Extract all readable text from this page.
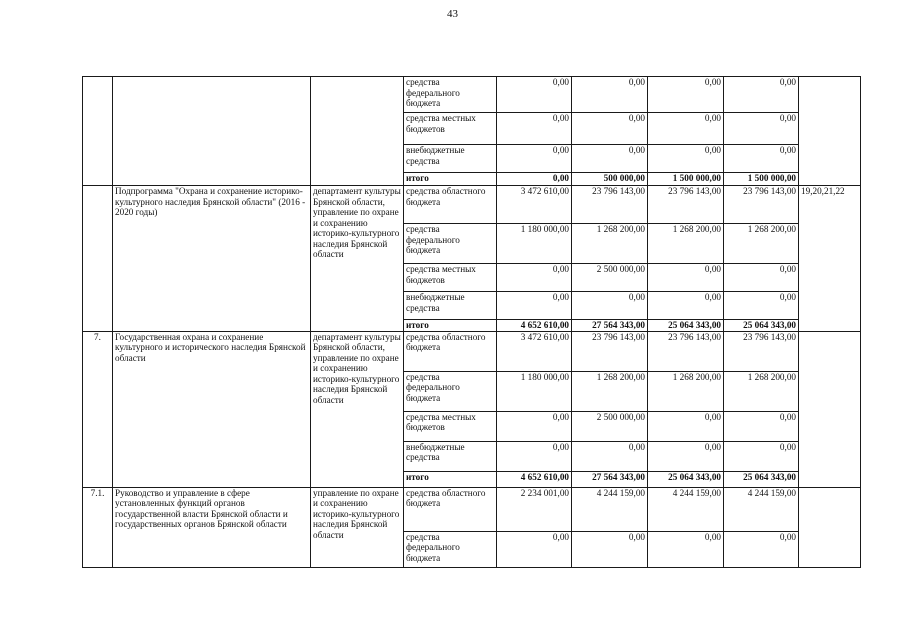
43
			средства федерального бюджета	0,00	0,00	0,00	0,00	
			средства местных бюджетов	0,00	0,00	0,00	0,00	
			внебюджетные средства	0,00	0,00	0,00	0,00	
			итого	0,00	500 000,00	1 500 000,00	1 500 000,00	
	Подпрограмма "Охрана и сохранение историко-культурного наследия Брянской области" (2016 - 2020 годы)	департамент культуры Брянской области, управление по охране и сохранению историко-культурного наследия Брянской области	средства областного бюджета	3 472 610,00	23 796 143,00	23 796 143,00	23 796 143,00	19,20,21,22
			средства федерального бюджета	1 180 000,00	1 268 200,00	1 268 200,00	1 268 200,00	
			средства местных бюджетов	0,00	2 500 000,00	0,00	0,00	
			внебюджетные средства	0,00	0,00	0,00	0,00	
			итого	4 652 610,00	27 564 343,00	25 064 343,00	25 064 343,00	
7.	Государственная охрана и сохранение культурного и исторического наследия Брянской области	департамент культуры Брянской области, управление по охране и сохранению историко-культурного наследия Брянской области	средства областного бюджета	3 472 610,00	23 796 143,00	23 796 143,00	23 796 143,00	
			средства федерального бюджета	1 180 000,00	1 268 200,00	1 268 200,00	1 268 200,00	
			средства местных бюджетов	0,00	2 500 000,00	0,00	0,00	
			внебюджетные средства	0,00	0,00	0,00	0,00	
			итого	4 652 610,00	27 564 343,00	25 064 343,00	25 064 343,00	
7.1.	Руководство и управление в сфере установленных функций органов государственной власти Брянской области и государственных органов Брянской области	управление по охране и сохранению историко-культурного наследия Брянской области	средства областного бюджета	2 234 001,00	4 244 159,00	4 244 159,00	4 244 159,00	
			средства федерального бюджета	0,00	0,00	0,00	0,00	
